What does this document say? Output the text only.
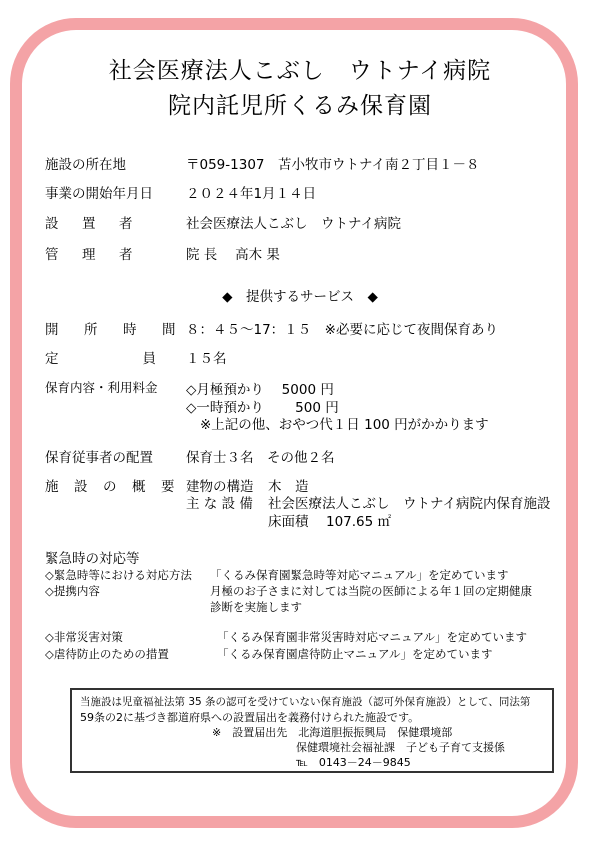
社会医療法人こぶし　ウトナイ病院
院内託児所くるみ保育園
施設の所在地	〒059-1307　苫小牧市ウトナイ南２丁目１－８
事業の開始年月日 ２０２４年1月１４日
設　置　者	社会医療法人こぶし　ウトナイ病院
管　理　者	院 長　 高木 果
◆　提供するサービス　◆
開　所　時　間 ８：４５～17：１５　※必要に応じて夜間保育あり
定　　　　員 １５名
保育内容・利用料金 ◇月極預かり　 5000 円
◇一時預かり　　 500 円
※上記の他、おやつ代１日 100 円がかかります
保育従事者の配置 保育士３名　その他２名
施　設　の　概　要 建物の構造 木　造
主 な 設 備 社会医療法人こぶし　ウトナイ病院内保育施設
床面積 107.65 ㎡
緊急時の対応等
◇緊急時等における対応方法 「くるみ保育園緊急時等対応マニュアル」を定めています
◇提携内容	月極のお子さまに対しては当院の医師による年１回の定期健康
診断を実施します
◇非常災害対策	「くるみ保育園非常災害時対応マニュアル」を定めています
◇虐待防止のための措置	「くるみ保育園虐待防止マニュアル」を定めています
当施設は児童福祉法第 35 条の認可を受けていない保育施設（認可外保育施設）として、同法第
59条の2に基づき都道府県への設置届出を義務付けられた施設です。
※　設置届出先　北海道胆振振興局　保健環境部
保健環境社会福祉課　子ども子育て支援係
℡　0143－24－9845
